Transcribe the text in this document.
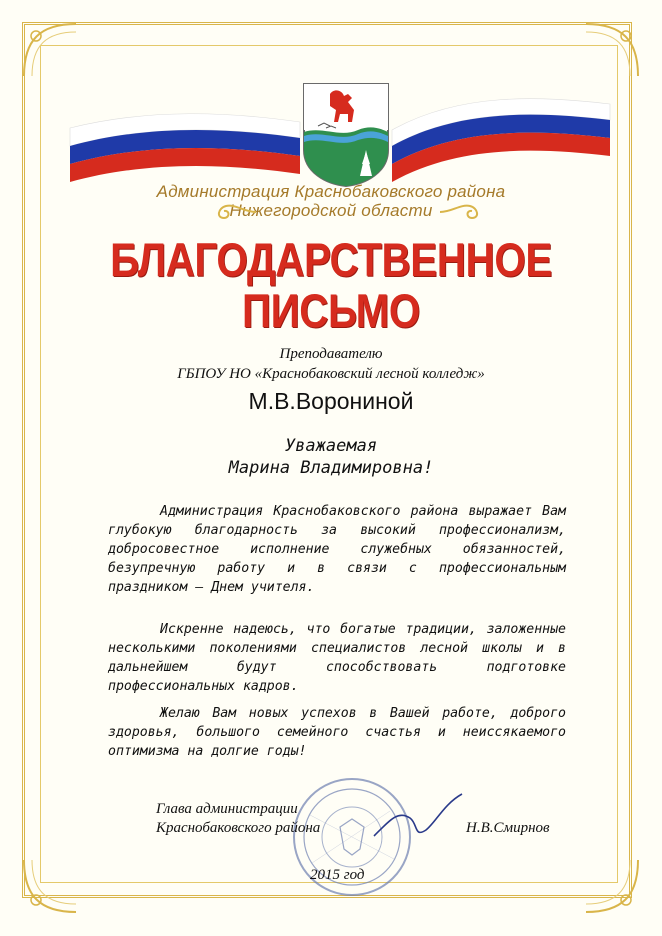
Администрация Краснобаковского района
Нижегородской области
БЛАГОДАРСТВЕННОЕ
ПИСЬМО
Преподавателю
ГБПОУ НО «Краснобаковский лесной колледж»
М.В.Ворониной
Уважаемая
Марина Владимировна!

Администрация Краснобаковского района выражает Вам глубокую благодарность за высокий профессионализм, добросовестное исполнение служебных обязанностей, безупречную работу и в связи с профессиональным праздником – Днем учителя.

Искренне надеюсь, что богатые традиции, заложенные несколькими поколениями специалистов лесной школы и в дальнейшем будут способствовать подготовке профессиональных кадров.

Желаю Вам новых успехов в Вашей работе, доброго здоровья, большого семейного счастья и неиссякаемого оптимизма на долгие годы!

Глава администрации
Краснобаковского района	Н.В.Смирнов
2015 год
